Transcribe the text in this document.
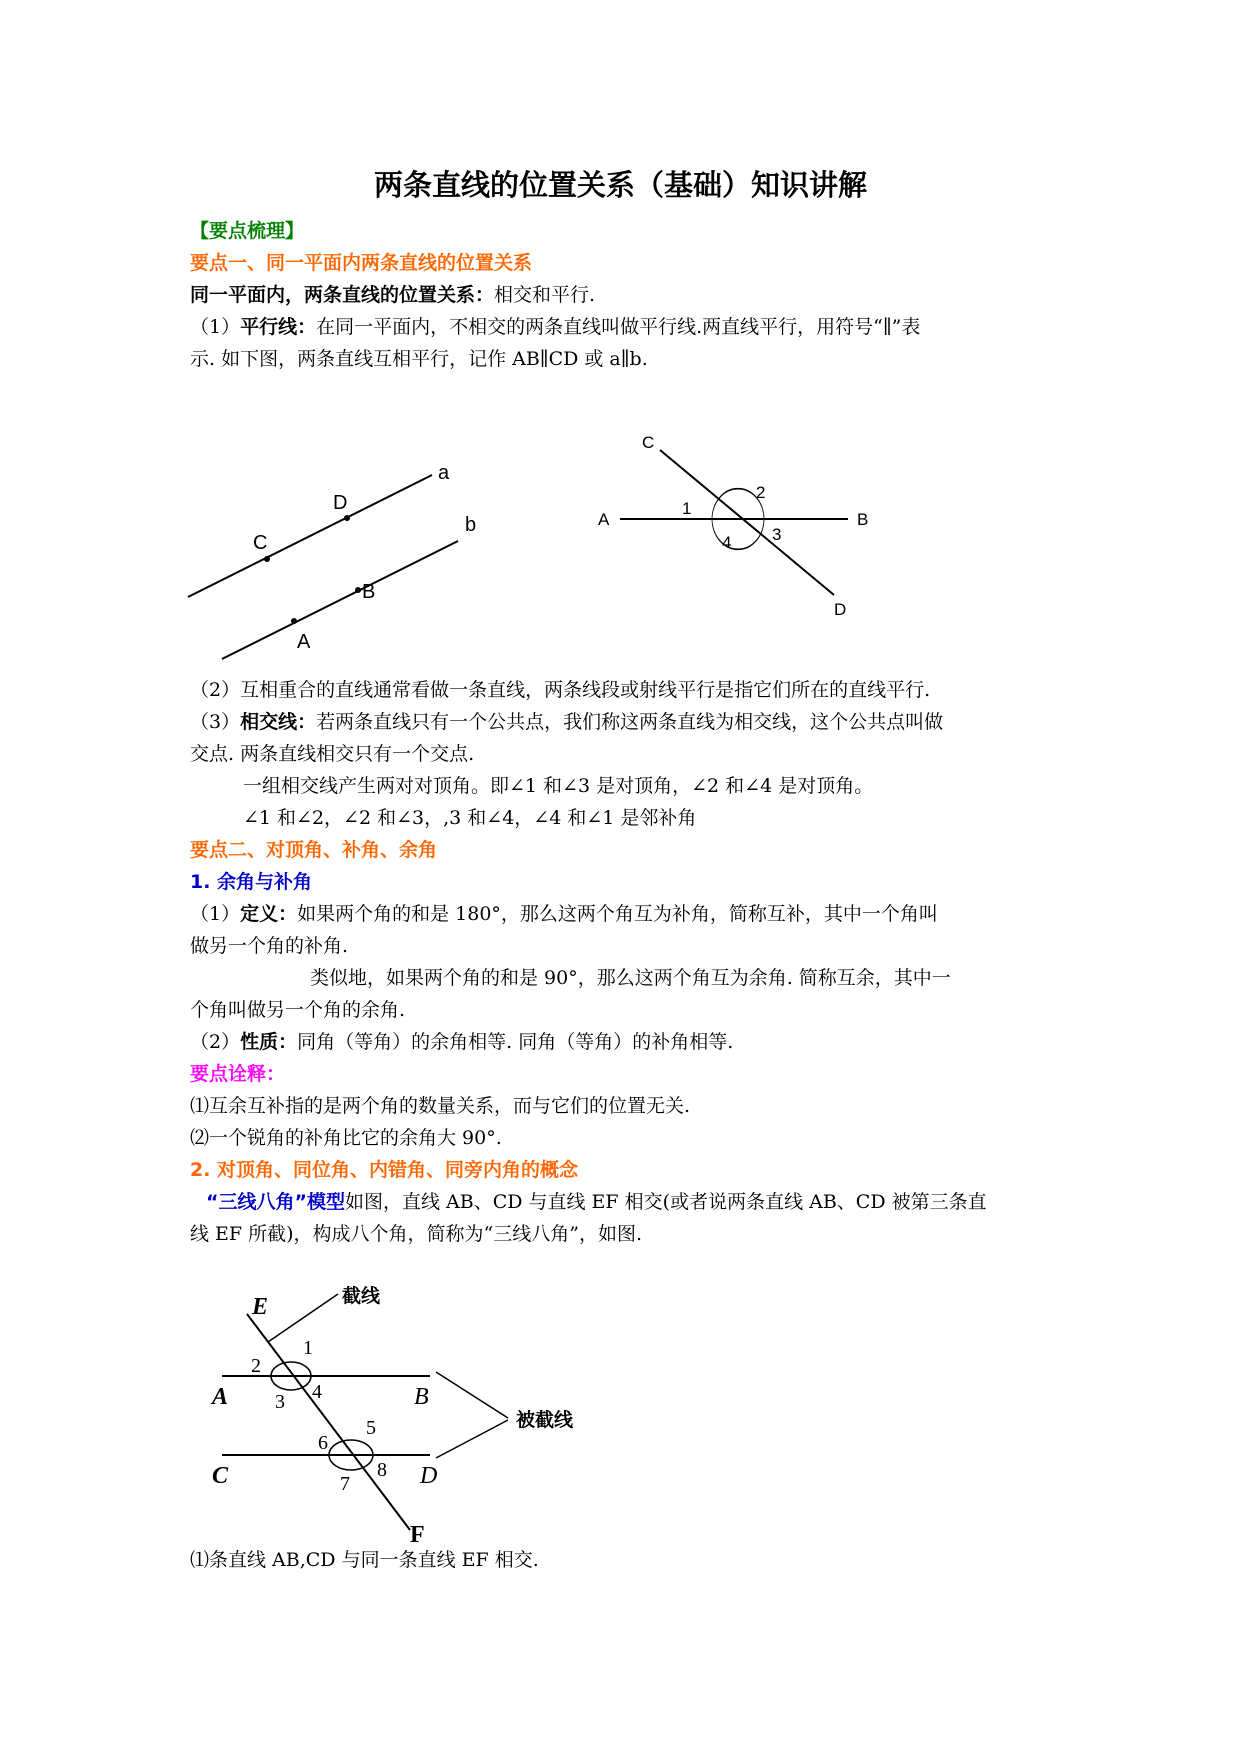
两条直线的位置关系（基础）知识讲解
【要点梳理】
要点一、同一平面内两条直线的位置关系
同一平面内，两条直线的位置关系：相交和平行.
（1）平行线：在同一平面内，不相交的两条直线叫做平行线.两直线平行，用符号“∥”表
示. 如下图，两条直线互相平行，记作 AB∥CD 或 a∥b.
a
b
D
C
B
A
C
A	B
D
1
2
3
4
（2）互相重合的直线通常看做一条直线，两条线段或射线平行是指它们所在的直线平行.
（3）相交线：若两条直线只有一个公共点，我们称这两条直线为相交线，这个公共点叫做
交点. 两条直线相交只有一个交点.
一组相交线产生两对对顶角。即∠1 和∠3 是对顶角，∠2 和∠4 是对顶角。
∠1 和∠2，∠2 和∠3，,3 和∠4，∠4 和∠1 是邻补角
要点二、对顶角、补角、余角
1. 余角与补角
（1）定义：如果两个角的和是 180°，那么这两个角互为补角，简称互补，其中一个角叫
做另一个角的补角.
类似地，如果两个角的和是 90°，那么这两个角互为余角. 简称互余，其中一
个角叫做另一个角的余角.
（2）性质：同角（等角）的余角相等. 同角（等角）的补角相等.
要点诠释：
⑴互余互补指的是两个角的数量关系，而与它们的位置无关.
⑵一个锐角的补角比它的余角大 90°.
2. 对顶角、同位角、内错角、同旁内角的概念
“三线八角”模型如图，直线 AB、CD 与直线 EF 相交(或者说两条直线 AB、CD 被第三条直
线 EF 所截)，构成八个角，简称为“三线八角”，如图.
E
F
A	B
C	D
1
2
3 4
5
6
7
8
截线
被截线
⑴条直线 AB,CD 与同一条直线 EF 相交.
